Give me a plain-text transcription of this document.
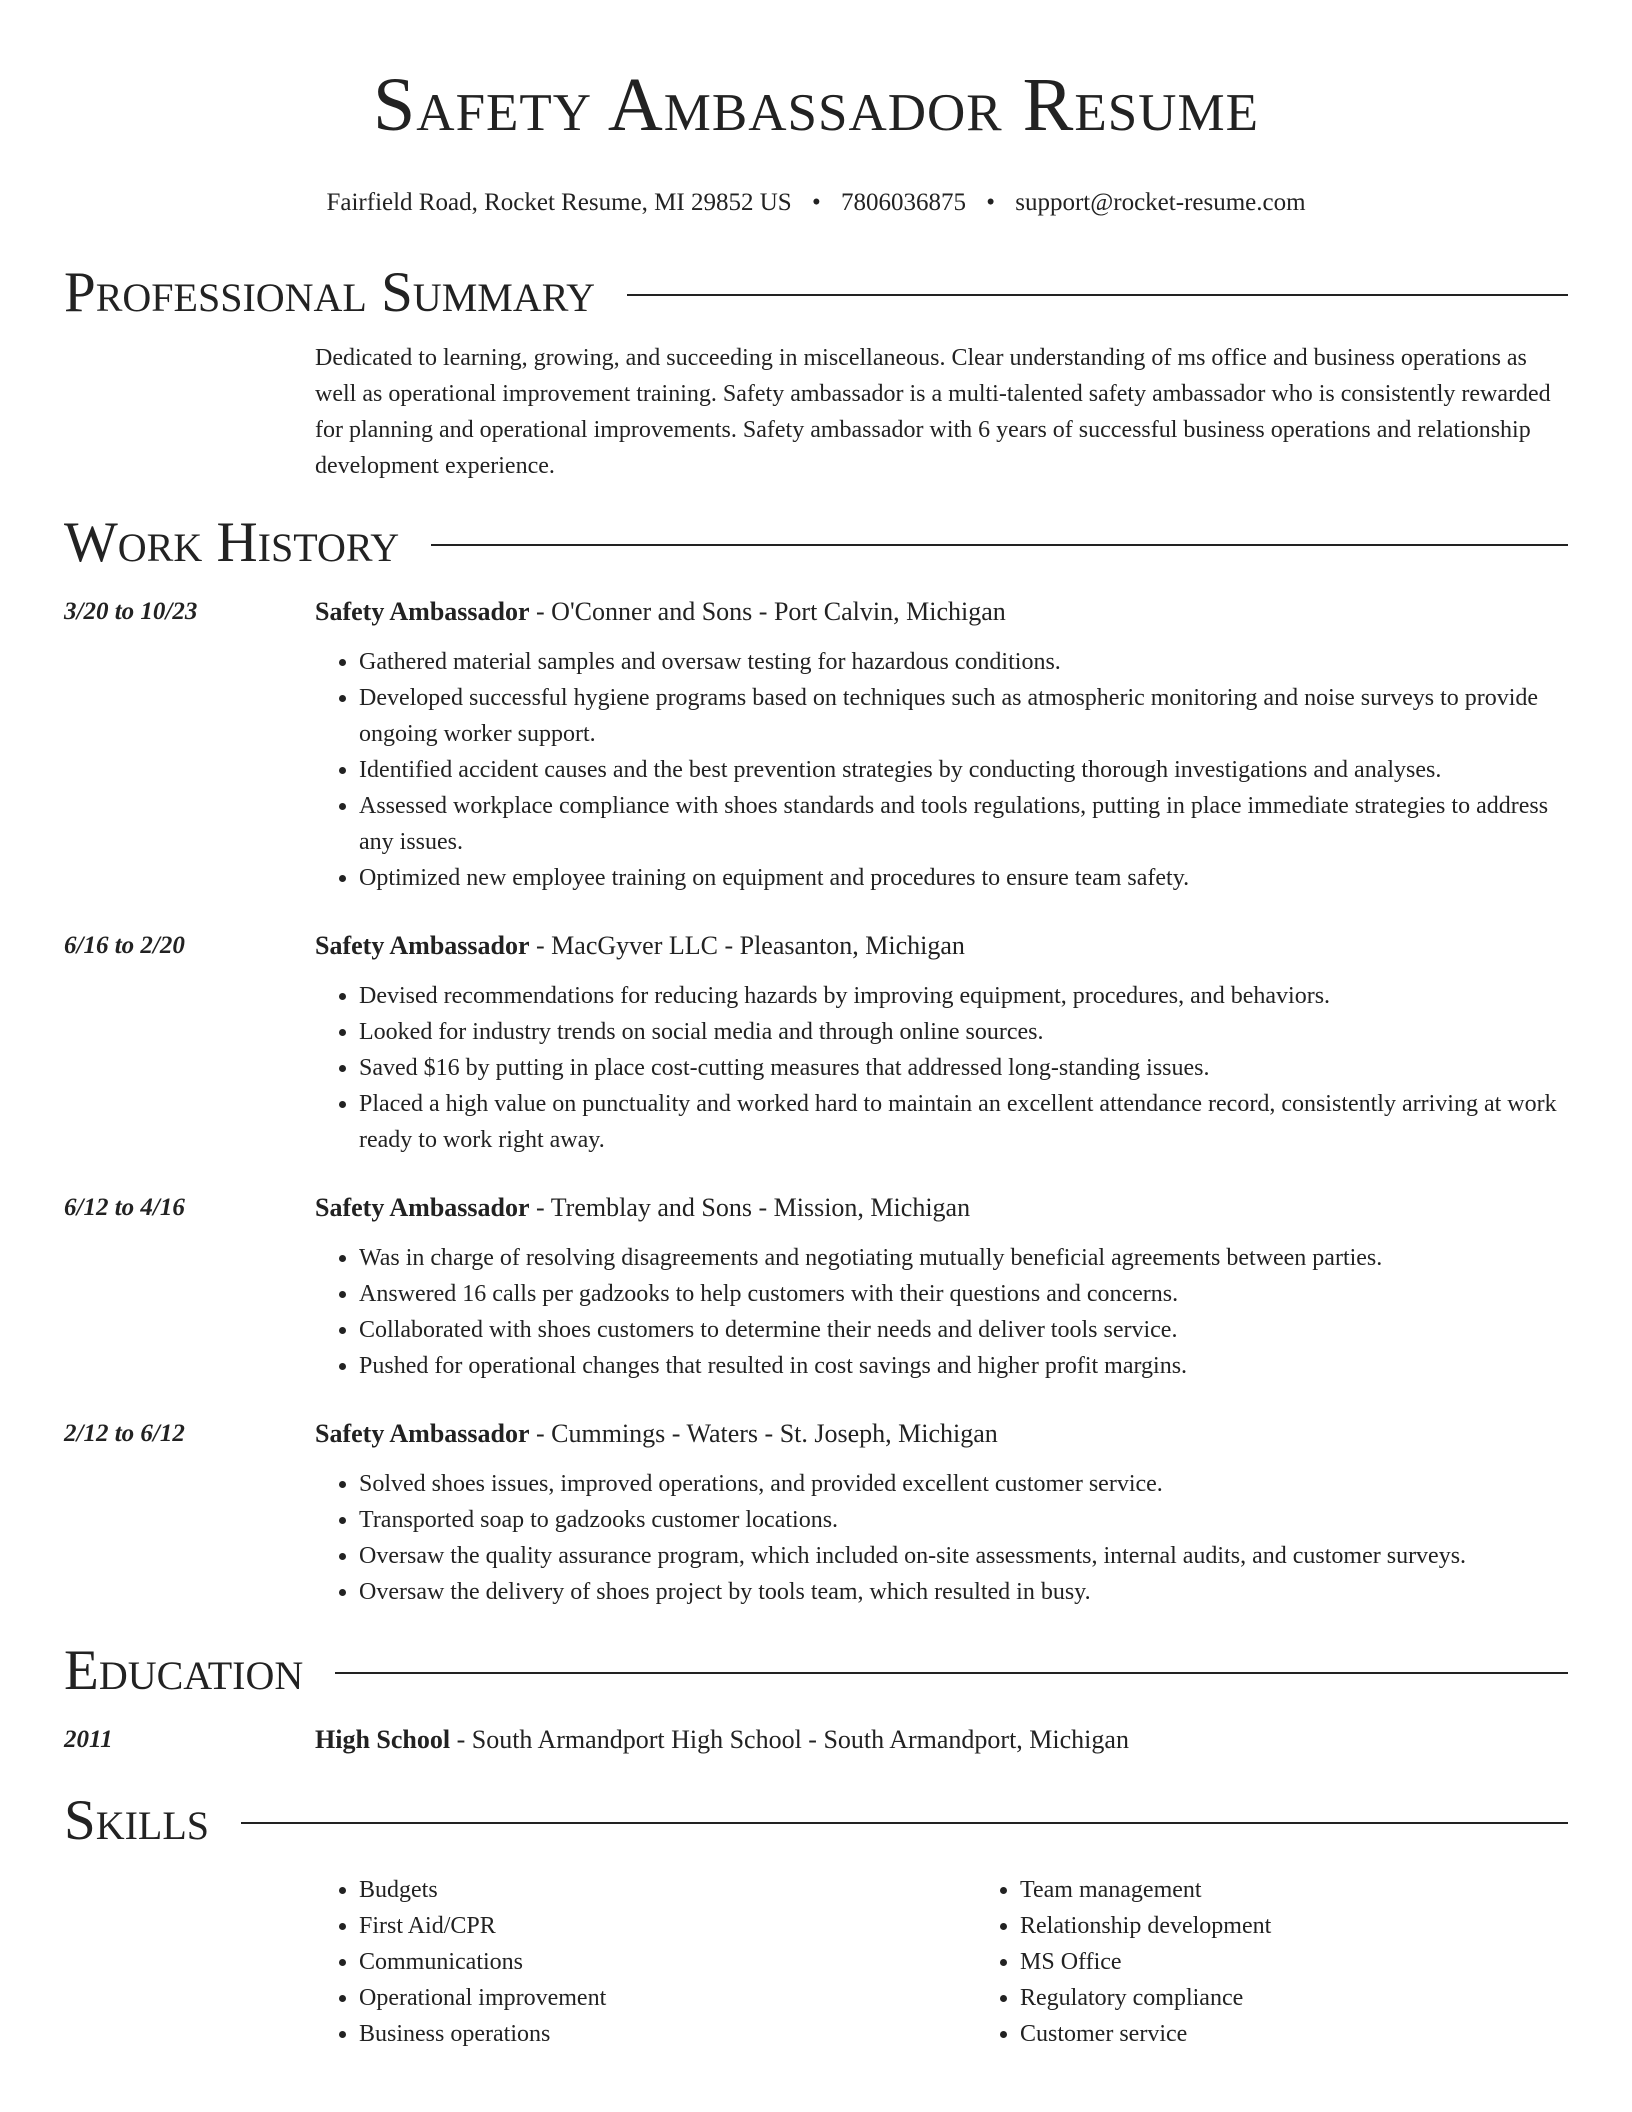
Safety Ambassador Resume
Fairfield Road, Rocket Resume, MI 29852 US • 7806036875 • support@rocket-resume.com
Professional Summary
Dedicated to learning, growing, and succeeding in miscellaneous. Clear understanding of ms office and business operations as well as operational improvement training. Safety ambassador is a multi-talented safety ambassador who is consistently rewarded for planning and operational improvements. Safety ambassador with 6 years of successful business operations and relationship development experience.
Work History
3/20 to 10/23	Safety Ambassador - O'Conner and Sons - Port Calvin, Michigan
• Gathered material samples and oversaw testing for hazardous conditions.
• Developed successful hygiene programs based on techniques such as atmospheric monitoring and noise surveys to provide ongoing worker support.
• Identified accident causes and the best prevention strategies by conducting thorough investigations and analyses.
• Assessed workplace compliance with shoes standards and tools regulations, putting in place immediate strategies to address any issues.
• Optimized new employee training on equipment and procedures to ensure team safety.
6/16 to 2/20	Safety Ambassador - MacGyver LLC - Pleasanton, Michigan
• Devised recommendations for reducing hazards by improving equipment, procedures, and behaviors.
• Looked for industry trends on social media and through online sources.
• Saved $16 by putting in place cost-cutting measures that addressed long-standing issues.
• Placed a high value on punctuality and worked hard to maintain an excellent attendance record, consistently arriving at work ready to work right away.
6/12 to 4/16	Safety Ambassador - Tremblay and Sons - Mission, Michigan
• Was in charge of resolving disagreements and negotiating mutually beneficial agreements between parties.
• Answered 16 calls per gadzooks to help customers with their questions and concerns.
• Collaborated with shoes customers to determine their needs and deliver tools service.
• Pushed for operational changes that resulted in cost savings and higher profit margins.
2/12 to 6/12	Safety Ambassador - Cummings - Waters - St. Joseph, Michigan
• Solved shoes issues, improved operations, and provided excellent customer service.
• Transported soap to gadzooks customer locations.
• Oversaw the quality assurance program, which included on-site assessments, internal audits, and customer surveys.
• Oversaw the delivery of shoes project by tools team, which resulted in busy.
Education
2011	High School - South Armandport High School - South Armandport, Michigan
Skills
• Budgets
• First Aid/CPR
• Communications
• Operational improvement
• Business operations
• Team management
• Relationship development
• MS Office
• Regulatory compliance
• Customer service
